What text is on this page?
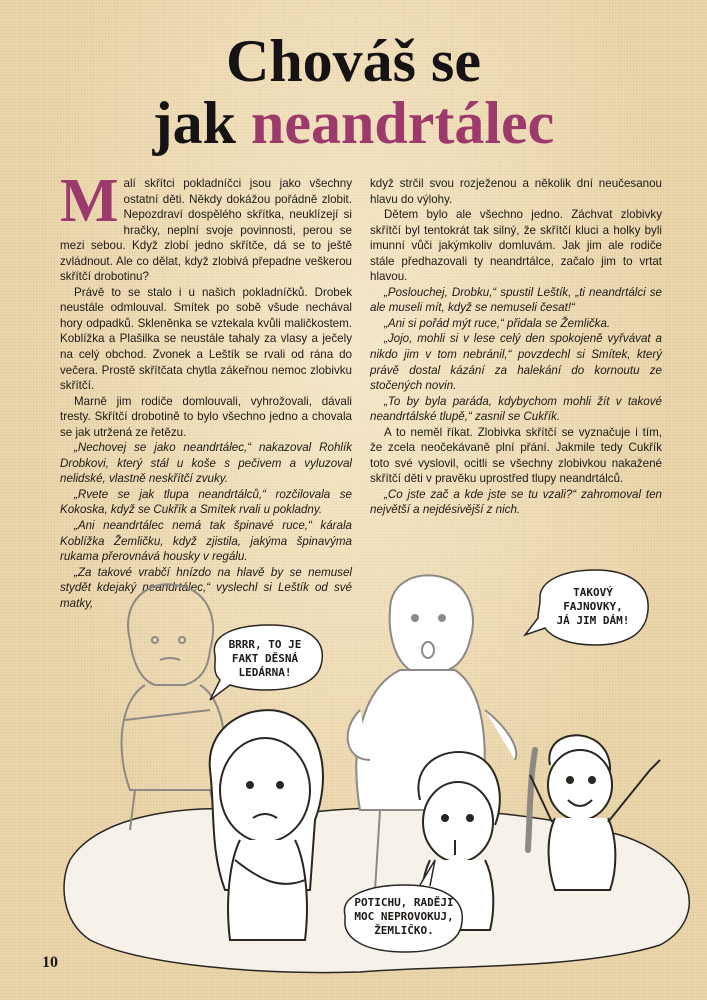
Chováš se
jak neandrtálec

Malí skřítci pokladníčci jsou jako všechny ostatní děti. Někdy dokážou pořádně zlobit. Nepozdraví dospělého skřítka, neuklízejí si hračky, neplní svoje povinnosti, perou se mezi sebou. Když zlobí jedno skřítče, dá se to ještě zvládnout. Ale co dělat, když zlobivá přepadne veškerou skřítčí drobotinu?

Právě to se stalo i u našich pokladníčků. Drobek neustále odmlouval. Smítek po sobě všude nechával hory odpadků. Skleněnka se vztekala kvůli maličkostem. Koblížka a Plašilka se neustále tahaly za vlasy a ječely na celý obchod. Zvonek a Leštík se rvali od rána do večera. Prostě skřítčata chytla zákeřnou nemoc zlobivku skřítčí.

Marně jim rodiče domlouvali, vyhrožovali, dávali tresty. Skřítčí drobotině to bylo všechno jedno a chovala se jak utržená ze řetězu.

„Nechovej se jako neandrtálec,“ nakazoval Rohlík Drobkovi, který stál u koše s pečivem a vyluzoval nelidské, vlastně neskřítčí zvuky.

„Rvete se jak tlupa neandrtálců,“ rozčilovala se Kokoska, když se Cukřík a Smítek rvali u pokladny.

„Ani neandrtálec nemá tak špinavé ruce,“ kárala Koblížka Žemličku, když zjistila, jakýma špinavýma rukama přerovnává housky v regálu.

„Za takové vrabčí hnízdo na hlavě by se nemusel stydět kdejaký neandrtálec,“ vyslechl si Leštík od své matky,

když strčil svou rozježenou a několik dní neučesanou hlavu do výlohy.

Dětem bylo ale všechno jedno. Záchvat zlobivky skřítčí byl tentokrát tak silný, že skřítčí kluci a holky byli imunní vůči jakýmkoliv domluvám. Jak jim ale rodiče stále předhazovali ty neandrtálce, začalo jim to vrtat hlavou.

„Poslouchej, Drobku,“ spustil Leštík, „ti neandrtálci se ale museli mít, když se nemuseli česat!“

„Ani si pořád mýt ruce,“ přidala se Žemlička.

„Jojo, mohli si v lese celý den spokojeně vyřvávat a nikdo jim v tom nebránil,“ povzdechl si Smítek, který právě dostal kázání za halekání do kornoutu ze stočených novin.

„To by byla paráda, kdybychom mohli žít v takové neandrtálské tlupě,“ zasnil se Cukřík.

A to neměl říkat. Zlobivka skřítčí se vyznačuje i tím, že zcela neočekávaně plní přání. Jakmile tedy Cukřík toto své vyslovil, ocitli se všechny zlobivkou nakažené skřítčí děti v pravěku uprostřed tlupy neandrtálců.

„Co jste zač a kde jste se tu vzali?“ zahromoval ten největší a nejdésivější z nich.

BRRR, TO JE
FAKT DĚSNÁ
LEDÁRNA!
TAKOVÝ
FAJNOVKY,
JÁ JIM DÁM!
POTICHU, RADĚJI
MOC NEPROVOKUJ,
ŽEMLIČKO.
10
